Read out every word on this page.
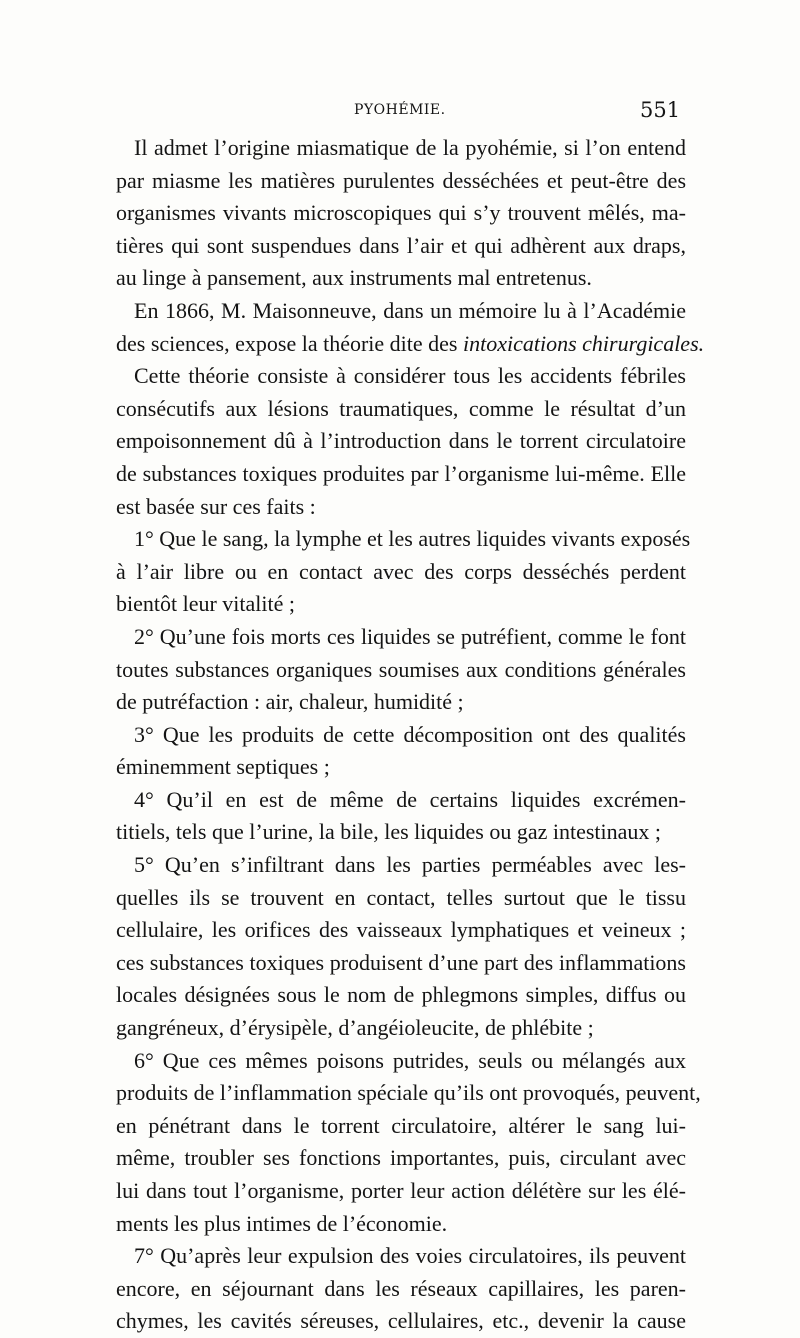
PYOHÉMIE.	551
Il admet l’origine miasmatique de la pyohémie, si l’on entend
par miasme les matières purulentes desséchées et peut-être des
organismes vivants microscopiques qui s’y trouvent mêlés, ma-
tières qui sont suspendues dans l’air et qui adhèrent aux draps,
au linge à pansement, aux instruments mal entretenus.
En 1866, M. Maisonneuve, dans un mémoire lu à l’Académie
des sciences, expose la théorie dite des intoxications chirurgicales.
Cette théorie consiste à considérer tous les accidents fébriles
consécutifs aux lésions traumatiques, comme le résultat d’un
empoisonnement dû à l’introduction dans le torrent circulatoire
de substances toxiques produites par l’organisme lui-même. Elle
est basée sur ces faits :
1° Que le sang, la lymphe et les autres liquides vivants exposés
à l’air libre ou en contact avec des corps desséchés perdent
bientôt leur vitalité ;
2° Qu’une fois morts ces liquides se putréfient, comme le font
toutes substances organiques soumises aux conditions générales
de putréfaction : air, chaleur, humidité ;
3° Que les produits de cette décomposition ont des qualités
éminemment septiques ;
4° Qu’il en est de même de certains liquides excrémen-
titiels, tels que l’urine, la bile, les liquides ou gaz intestinaux ;
5° Qu’en s’infiltrant dans les parties perméables avec les-
quelles ils se trouvent en contact, telles surtout que le tissu
cellulaire, les orifices des vaisseaux lymphatiques et veineux ;
ces substances toxiques produisent d’une part des inflammations
locales désignées sous le nom de phlegmons simples, diffus ou
gangréneux, d’érysipèle, d’angéioleucite, de phlébite ;
6° Que ces mêmes poisons putrides, seuls ou mélangés aux
produits de l’inflammation spéciale qu’ils ont provoqués, peuvent,
en pénétrant dans le torrent circulatoire, altérer le sang lui-
même, troubler ses fonctions importantes, puis, circulant avec
lui dans tout l’organisme, porter leur action délétère sur les élé-
ments les plus intimes de l’économie.
7° Qu’après leur expulsion des voies circulatoires, ils peuvent
encore, en séjournant dans les réseaux capillaires, les paren-
chymes, les cavités séreuses, cellulaires, etc., devenir la cause
